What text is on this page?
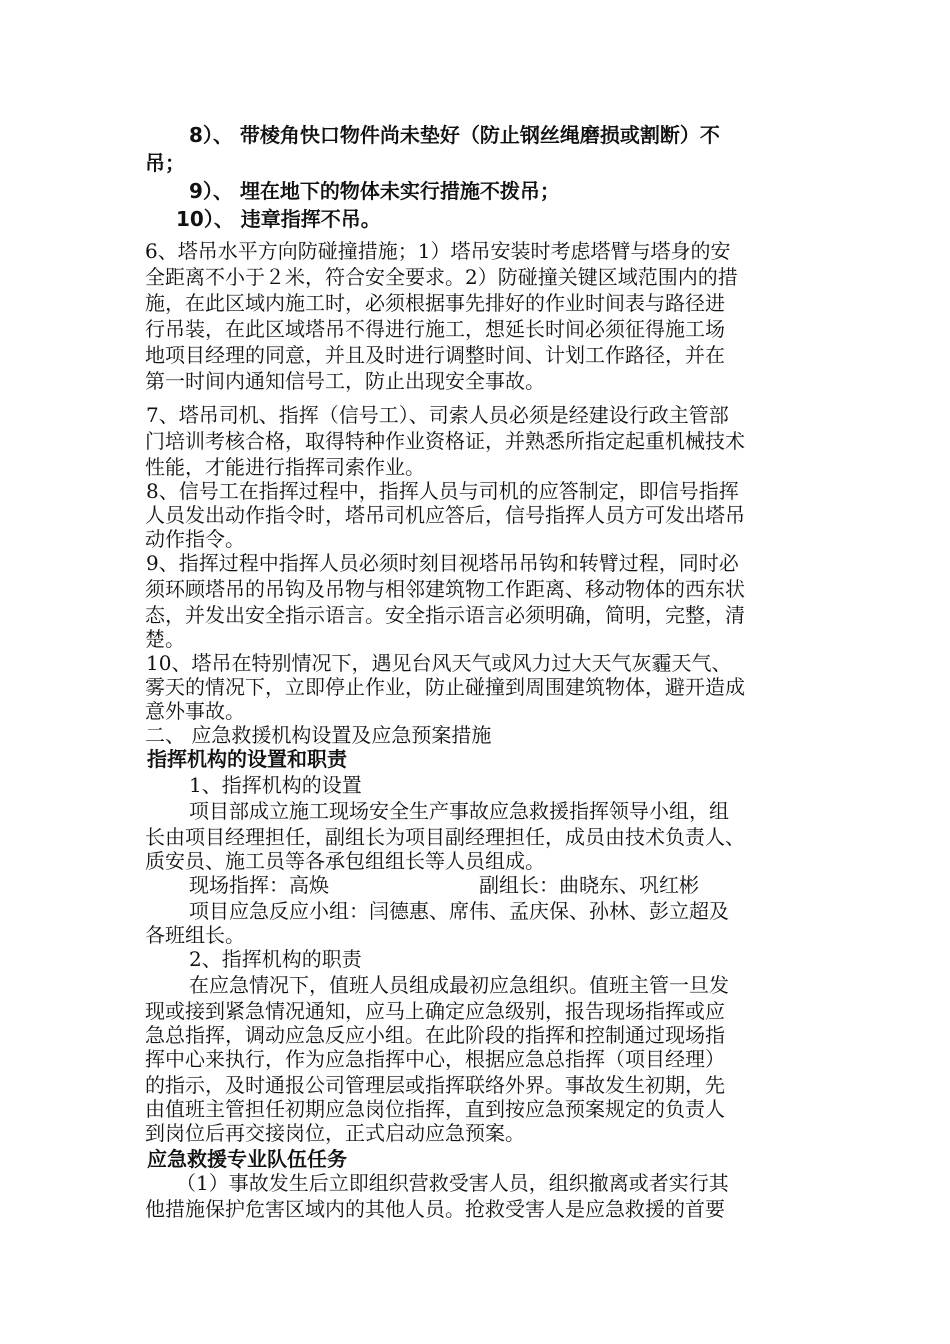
8）、 带棱角快口物件尚未垫好（防止钢丝绳磨损或割断）不
吊；
9）、 埋在地下的物体未实行措施不拨吊；
10）、 违章指挥不吊。
6、塔吊水平方向防碰撞措施；1）塔吊安装时考虑塔臂与塔身的安
全距离不小于２米，符合安全要求。2）防碰撞关键区域范围内的措
施，在此区域内施工时，必须根据事先排好的作业时间表与路径进
行吊装，在此区域塔吊不得进行施工，想延长时间必须征得施工场
地项目经理的同意，并且及时进行调整时间、计划工作路径，并在
第一时间内通知信号工，防止出现安全事故。
7、塔吊司机、指挥（信号工）、司索人员必须是经建设行政主管部
门培训考核合格，取得特种作业资格证，并熟悉所指定起重机械技术
性能，才能进行指挥司索作业。
8、信号工在指挥过程中，指挥人员与司机的应答制定，即信号指挥
人员发出动作指令时，塔吊司机应答后，信号指挥人员方可发出塔吊
动作指令。
9、指挥过程中指挥人员必须时刻目视塔吊吊钩和转臂过程，同时必
须环顾塔吊的吊钩及吊物与相邻建筑物工作距离、移动物体的西东状
态，并发出安全指示语言。安全指示语言必须明确，简明，完整，清
楚。
10、塔吊在特别情况下，遇见台风天气或风力过大天气灰霾天气、
雾天的情况下，立即停止作业，防止碰撞到周围建筑物体，避开造成
意外事故。
二、 应急救援机构设置及应急预案措施
指挥机构的设置和职责
1、指挥机构的设置
项目部成立施工现场安全生产事故应急救援指挥领导小组，组
长由项目经理担任，副组长为项目副经理担任，成员由技术负责人、
质安员、施工员等各承包组组长等人员组成。
现场指挥：高焕	副组长：曲晓东、巩红彬
项目应急反应小组：闫德惠、席伟、孟庆保、孙林、彭立超及
各班组长。
2、指挥机构的职责
在应急情况下，值班人员组成最初应急组织。值班主管一旦发
现或接到紧急情况通知，应马上确定应急级别，报告现场指挥或应
急总指挥，调动应急反应小组。在此阶段的指挥和控制通过现场指
挥中心来执行，作为应急指挥中心，根据应急总指挥（项目经理）
的指示，及时通报公司管理层或指挥联络外界。事故发生初期，先
由值班主管担任初期应急岗位指挥，直到按应急预案规定的负责人
到岗位后再交接岗位，正式启动应急预案。
应急救援专业队伍任务
（1）事故发生后立即组织营救受害人员，组织撤离或者实行其
他措施保护危害区域内的其他人员。抢救受害人是应急救援的首要
